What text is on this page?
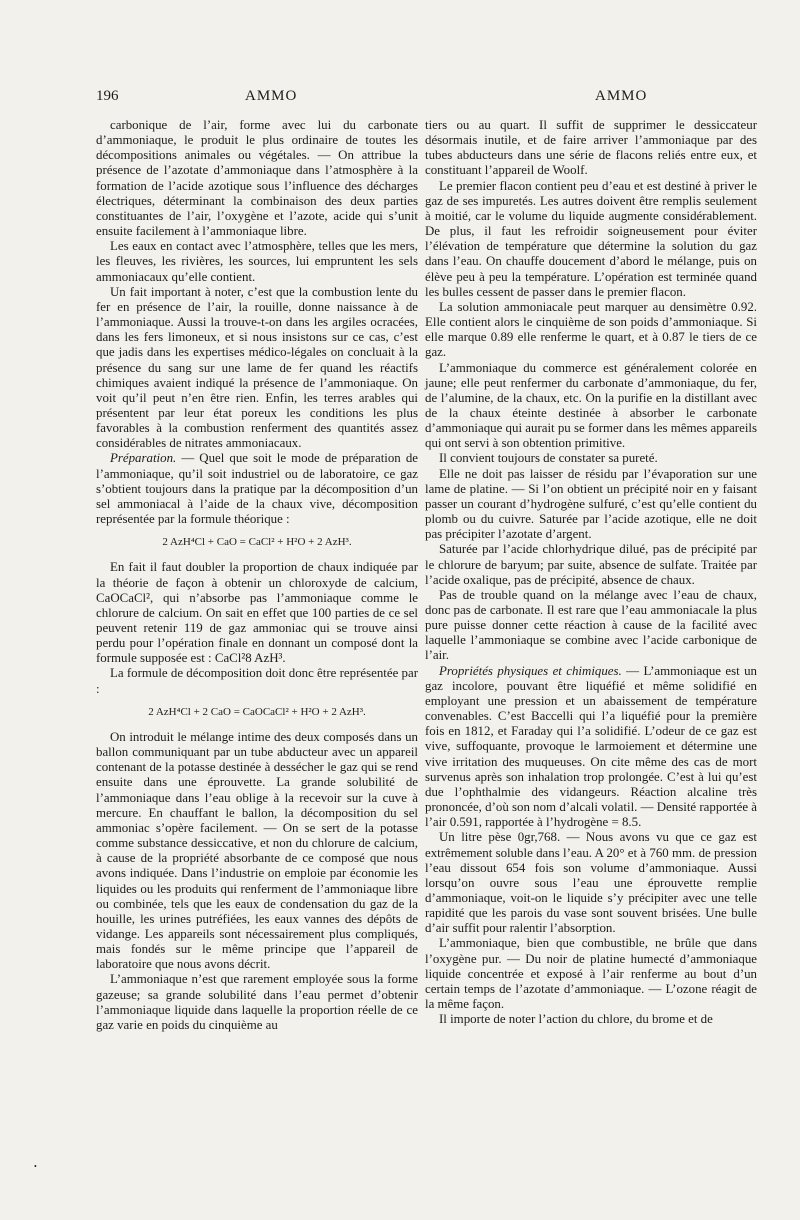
196	AMMO	AMMO

carbonique de l’air, forme avec lui du carbonate d’ammoniaque, le produit le plus ordinaire de toutes les décompositions animales ou végétales. — On attribue la présence de l’azotate d’ammoniaque dans l’atmosphère à la formation de l’acide azotique sous l’influence des décharges électriques, déterminant la combinaison des deux parties constituantes de l’air, l’oxygène et l’azote, acide qui s’unit ensuite facilement à l’ammoniaque libre.

Les eaux en contact avec l’atmosphère, telles que les mers, les fleuves, les rivières, les sources, lui empruntent les sels ammoniacaux qu’elle contient.

Un fait important à noter, c’est que la combustion lente du fer en présence de l’air, la rouille, donne naissance à de l’ammoniaque. Aussi la trouve-t-on dans les argiles ocracées, dans les fers limoneux, et si nous insistons sur ce cas, c’est que jadis dans les expertises médico-légales on concluait à la présence du sang sur une lame de fer quand les réactifs chimiques avaient indiqué la présence de l’ammoniaque. On voit qu’il peut n’en être rien. Enfin, les terres arables qui présentent par leur état poreux les conditions les plus favorables à la combustion renferment des quantités assez considérables de nitrates ammoniacaux.

Préparation. — Quel que soit le mode de préparation de l’ammoniaque, qu’il soit industriel ou de laboratoire, ce gaz s’obtient toujours dans la pratique par la décomposition d’un sel ammoniacal à l’aide de la chaux vive, décomposition représentée par la formule théorique :

2 AzH⁴Cl + CaO = CaCl² + H²O + 2 AzH³.

En fait il faut doubler la proportion de chaux indiquée par la théorie de façon à obtenir un chloroxyde de calcium, CaOCaCl², qui n’absorbe pas l’ammoniaque comme le chlorure de calcium. On sait en effet que 100 parties de ce sel peuvent retenir 119 de gaz ammoniac qui se trouve ainsi perdu pour l’opération finale en donnant un composé dont la formule supposée est : CaCl²8 AzH³.

La formule de décomposition doit donc être représentée par :

2 AzH⁴Cl + 2 CaO = CaOCaCl² + H²O + 2 AzH³.

On introduit le mélange intime des deux composés dans un ballon communiquant par un tube abducteur avec un appareil contenant de la potasse destinée à dessécher le gaz qui se rend ensuite dans une éprouvette. La grande solubilité de l’ammoniaque dans l’eau oblige à la recevoir sur la cuve à mercure. En chauffant le ballon, la décomposition du sel ammoniac s’opère facilement. — On se sert de la potasse comme substance dessiccative, et non du chlorure de calcium, à cause de la propriété absorbante de ce composé que nous avons indiquée. Dans l’industrie on emploie par économie les liquides ou les produits qui renferment de l’ammoniaque libre ou combinée, tels que les eaux de condensation du gaz de la houille, les urines putréfiées, les eaux vannes des dépôts de vidange. Les appareils sont nécessairement plus compliqués, mais fondés sur le même principe que l’appareil de laboratoire que nous avons décrit.

L’ammoniaque n’est que rarement employée sous la forme gazeuse; sa grande solubilité dans l’eau permet d’obtenir l’ammoniaque liquide dans laquelle la proportion réelle de ce gaz varie en poids du cinquième au

tiers ou au quart. Il suffit de supprimer le dessiccateur désormais inutile, et de faire arriver l’ammoniaque par des tubes abducteurs dans une série de flacons reliés entre eux, et constituant l’appareil de Woolf.

Le premier flacon contient peu d’eau et est destiné à priver le gaz de ses impuretés. Les autres doivent être remplis seulement à moitié, car le volume du liquide augmente considérablement. De plus, il faut les refroidir soigneusement pour éviter l’élévation de température que détermine la solution du gaz dans l’eau. On chauffe doucement d’abord le mélange, puis on élève peu à peu la température. L’opération est terminée quand les bulles cessent de passer dans le premier flacon.

La solution ammoniacale peut marquer au densimètre 0.92. Elle contient alors le cinquième de son poids d’ammoniaque. Si elle marque 0.89 elle renferme le quart, et à 0.87 le tiers de ce gaz.

L’ammoniaque du commerce est généralement colorée en jaune; elle peut renfermer du carbonate d’ammoniaque, du fer, de l’alumine, de la chaux, etc. On la purifie en la distillant avec de la chaux éteinte destinée à absorber le carbonate d’ammoniaque qui aurait pu se former dans les mêmes appareils qui ont servi à son obtention primitive.

Il convient toujours de constater sa pureté.

Elle ne doit pas laisser de résidu par l’évaporation sur une lame de platine. — Si l’on obtient un précipité noir en y faisant passer un courant d’hydrogène sulfuré, c’est qu’elle contient du plomb ou du cuivre. Saturée par l’acide azotique, elle ne doit pas précipiter l’azotate d’argent.

Saturée par l’acide chlorhydrique dilué, pas de précipité par le chlorure de baryum; par suite, absence de sulfate. Traitée par l’acide oxalique, pas de précipité, absence de chaux.

Pas de trouble quand on la mélange avec l’eau de chaux, donc pas de carbonate. Il est rare que l’eau ammoniacale la plus pure puisse donner cette réaction à cause de la facilité avec laquelle l’ammoniaque se combine avec l’acide carbonique de l’air.

Propriétés physiques et chimiques. — L’ammoniaque est un gaz incolore, pouvant être liquéfié et même solidifié en employant une pression et un abaissement de température convenables. C’est Baccelli qui l’a liquéfié pour la première fois en 1812, et Faraday qui l’a solidifié. L’odeur de ce gaz est vive, suffoquante, provoque le larmoiement et détermine une vive irritation des muqueuses. On cite même des cas de mort survenus après son inhalation trop prolongée. C’est à lui qu’est due l’ophthalmie des vidangeurs. Réaction alcaline très prononcée, d’où son nom d’alcali volatil. — Densité rapportée à l’air 0.591, rapportée à l’hydrogène = 8.5.

Un litre pèse 0gr,768. — Nous avons vu que ce gaz est extrêmement soluble dans l’eau. A 20° et à 760 mm. de pression l’eau dissout 654 fois son volume d’ammoniaque. Aussi lorsqu’on ouvre sous l’eau une éprouvette remplie d’ammoniaque, voit-on le liquide s’y précipiter avec une telle rapidité que les parois du vase sont souvent brisées. Une bulle d’air suffit pour ralentir l’absorption.

L’ammoniaque, bien que combustible, ne brûle que dans l’oxygène pur. — Du noir de platine humecté d’ammoniaque liquide concentrée et exposé à l’air renferme au bout d’un certain temps de l’azotate d’ammoniaque. — L’ozone réagit de la même façon.

Il importe de noter l’action du chlore, du brome et de

•
